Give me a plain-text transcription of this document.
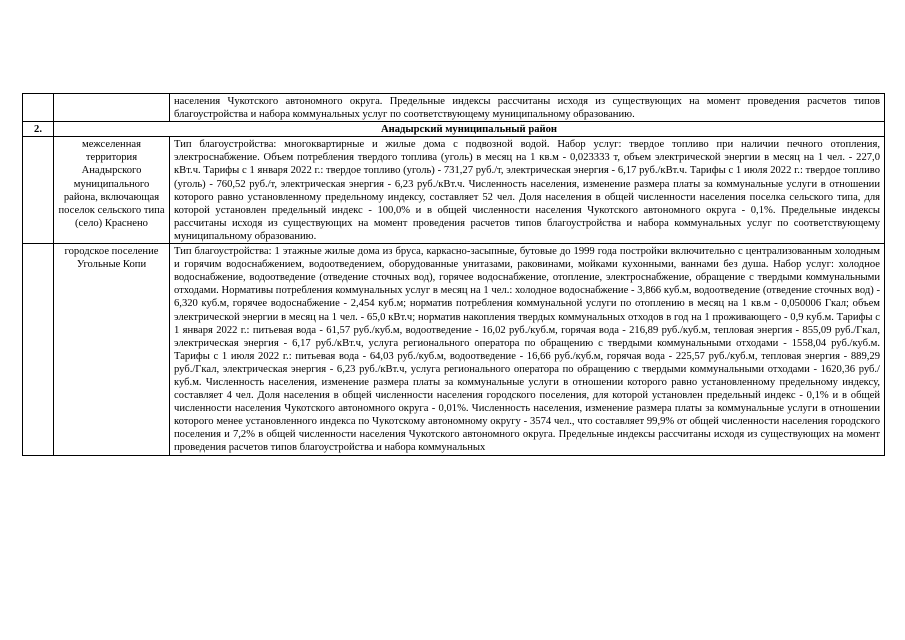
		населения Чукотского автономного округа. Предельные индексы рассчитаны исходя из существующих на момент проведения расчетов типов благоустройства и набора коммунальных услуг по соответствующему муниципальному образованию.
2.	Анадырский муниципальный район	
	межселенная территория Анадырского муниципального района, включающая поселок сельского типа (село) Краснено	Тип благоустройства: многоквартирные и жилые дома с подвозной водой. Набор услуг: твердое топливо при наличии печного отопления, электроснабжение. Объем потребления твердого топлива (уголь) в месяц на 1 кв.м - 0,023333 т, объем электрической энергии в месяц на 1 чел. - 227,0 кВт.ч. Тарифы с 1 января 2022 г.: твердое топливо (уголь) - 731,27 руб./т, электрическая энергия - 6,17 руб./кВт.ч. Тарифы с 1 июля 2022 г.: твердое топливо (уголь) - 760,52 руб./т, электрическая энергия - 6,23 руб./кВт.ч. Численность населения, изменение размера платы за коммунальные услуги в отношении которого равно установленному предельному индексу, составляет 52 чел. Доля населения в общей численности населения поселка сельского типа, для которой установлен предельный индекс - 100,0% и в общей численности населения Чукотского автономного округа - 0,1%. Предельные индексы рассчитаны исходя из существующих на момент проведения расчетов типов благоустройства и набора коммунальных услуг по соответствующему муниципальному образованию.
	городское поселение Угольные Копи	Тип благоустройства: 1 этажные жилые дома из бруса, каркасно-засыпные, бутовые до 1999 года постройки включительно с централизованным холодным и горячим водоснабжением, водоотведением, оборудованные унитазами, раковинами, мойками кухонными, ваннами без душа. Набор услуг: холодное водоснабжение, водоотведение (отведение сточных вод), горячее водоснабжение, отопление, электроснабжение, обращение с твердыми коммунальными отходами. Нормативы потребления коммунальных услуг в месяц на 1 чел.: холодное водоснабжение - 3,866 куб.м, водоотведение (отведение сточных вод) - 6,320 куб.м, горячее водоснабжение - 2,454 куб.м; норматив потребления коммунальной услуги по отоплению в месяц на 1 кв.м - 0,050006 Гкал; объем электрической энергии в месяц на 1 чел. - 65,0 кВт.ч; норматив накопления твердых коммунальных отходов в год на 1 проживающего - 0,9 куб.м. Тарифы с 1 января 2022 г.: питьевая вода - 61,57 руб./куб.м, водоотведение - 16,02 руб./куб.м, горячая вода - 216,89 руб./куб.м, тепловая энергия - 855,09 руб./Гкал, электрическая энергия - 6,17 руб./кВт.ч, услуга регионального оператора по обращению с твердыми коммунальными отходами - 1558,04 руб./куб.м. Тарифы с 1 июля 2022 г.: питьевая вода - 64,03 руб./куб.м, водоотведение - 16,66 руб./куб.м, горячая вода - 225,57 руб./куб.м, тепловая энергия - 889,29 руб./Гкал, электрическая энергия - 6,23 руб./кВт.ч, услуга регионального оператора по обращению с твердыми коммунальными отходами - 1620,36 руб./куб.м. Численность населения, изменение размера платы за коммунальные услуги в отношении которого равно установленному предельному индексу, составляет 4 чел. Доля населения в общей численности населения городского поселения, для которой установлен предельный индекс - 0,1% и в общей численности населения Чукотского автономного округа - 0,01%. Численность населения, изменение размера платы за коммунальные услуги в отношении которого менее установленного индекса по Чукотскому автономному округу - 3574 чел., что составляет 99,9% от общей численности населения городского поселения и 7,2% в общей численности населения Чукотского автономного округа. Предельные индексы рассчитаны исходя из существующих на момент проведения расчетов типов благоустройства и набора коммунальных
